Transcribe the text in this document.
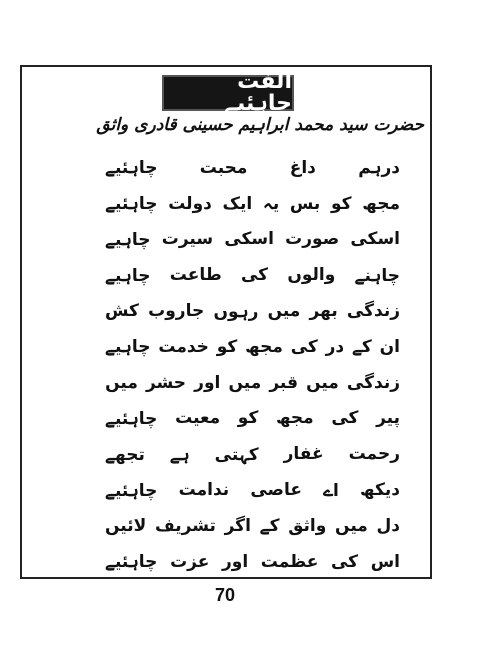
الفت چاہئیے
حضرت سید محمد ابراہیم حسینی قادری واثق
درہم
داغ
محبت
چاہئیے
مجھ
کو
بس
یہ
ایک
دولت
چاہئیے
اسکی
صورت
اسکی
سیرت
چاہیے
چاہنے
والوں
کی
طاعت
چاہیے
زندگی
بھر
میں
رہوں
جاروب
کش
ان
کے
در
کی
مجھ
کو
خدمت
چاہیے
زندگی
میں
قبر
میں
اور
حشر
میں
پیر
کی
مجھ
کو
معیت
چاہئیے
رحمت
غفار
کہتی
ہے
تجھے
دیکھ
اے
عاصی
ندامت
چاہئیے
دل
میں
واثق
کے
اگر
تشریف
لائیں
اس
کی
عظمت
اور
عزت
چاہئیے
70
